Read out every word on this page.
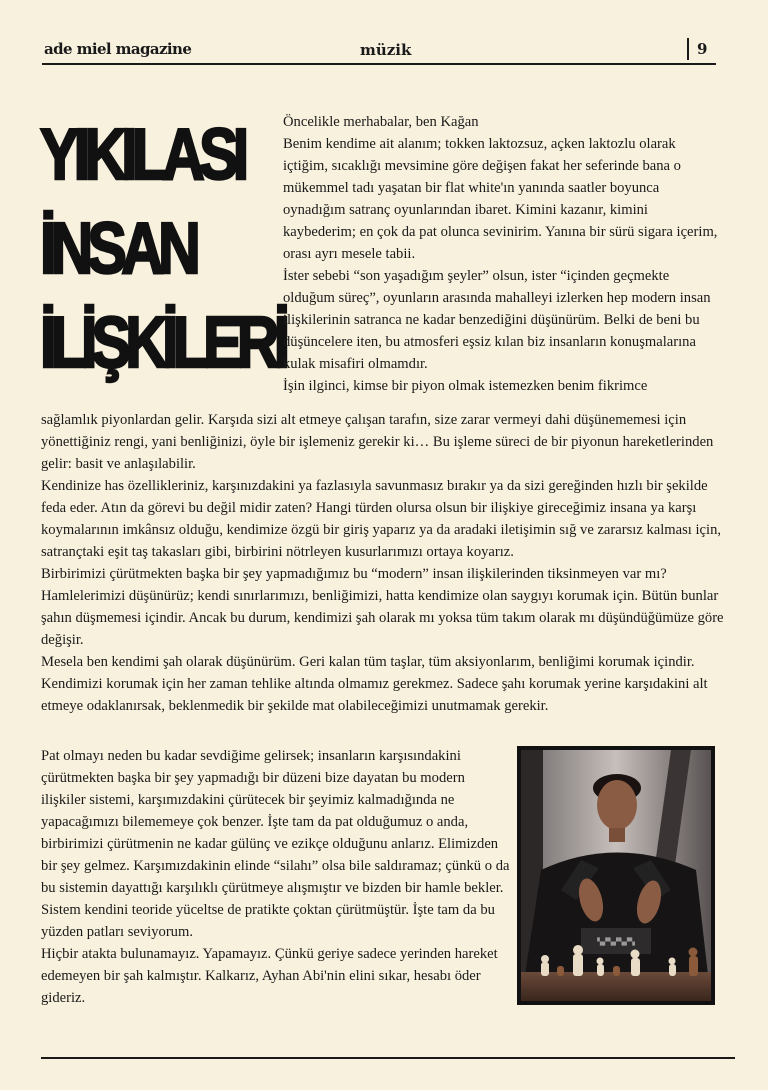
ade miel magazine	müzik	9
YIKILASI
İNSAN
İLİŞKİLERİ

Öncelikle merhabalar, ben Kağan

Benim kendime ait alanım; tokken laktozsuz, açken laktozlu olarak içtiğim, sıcaklığı mevsimine göre değişen fakat her seferinde bana o mükemmel tadı yaşatan bir flat white'ın yanında saatler boyunca oynadığım satranç oyunlarından ibaret. Kimini kazanır, kimini kaybederim; en çok da pat olunca sevinirim. Yanına bir sürü sigara içerim, orası ayrı mesele tabii.

İster sebebi “son yaşadığım şeyler” olsun, ister “içinden geçmekte olduğum süreç”, oyunların arasında mahalleyi izlerken hep modern insan ilişkilerinin satranca ne kadar benzediğini düşünürüm. Belki de beni bu düşüncelere iten, bu atmosferi eşsiz kılan biz insanların konuşmalarına kulak misafiri olmamdır.

İşin ilginci, kimse bir piyon olmak istemezken benim fikrimce

sağlamlık piyonlardan gelir. Karşıda sizi alt etmeye çalışan tarafın, size zarar vermeyi dahi düşünememesi için yönettiğiniz rengi, yani benliğinizi, öyle bir işlemeniz gerekir ki… Bu işleme süreci de bir piyonun hareketlerinden gelir: basit ve anlaşılabilir.

Kendinize has özellikleriniz, karşınızdakini ya fazlasıyla savunmasız bırakır ya da sizi gereğinden hızlı bir şekilde feda eder. Atın da görevi bu değil midir zaten? Hangi türden olursa olsun bir ilişkiye gireceğimiz insana ya karşı koymalarının imkânsız olduğu, kendimize özgü bir giriş yaparız ya da aradaki iletişimin sığ ve zararsız kalması için, satrançtaki eşit taş takasları gibi, birbirini nötrleyen kusurlarımızı ortaya koyarız.

Birbirimizi çürütmekten başka bir şey yapmadığımız bu “modern” insan ilişkilerinden tiksinmeyen var mı? Hamlelerimizi düşünürüz; kendi sınırlarımızı, benliğimizi, hatta kendimize olan saygıyı korumak için. Bütün bunlar şahın düşmemesi içindir. Ancak bu durum, kendimizi şah olarak mı yoksa tüm takım olarak mı düşündüğümüze göre değişir.

Mesela ben kendimi şah olarak düşünürüm. Geri kalan tüm taşlar, tüm aksiyonlarım, benliğimi korumak içindir. Kendimizi korumak için her zaman tehlike altında olmamız gerekmez. Sadece şahı korumak yerine karşıdakini alt etmeye odaklanırsak, beklenmedik bir şekilde mat olabileceğimizi unutmamak gerekir.

Pat olmayı neden bu kadar sevdiğime gelirsek; insanların karşısındakini çürütmekten başka bir şey yapmadığı bir düzeni bize dayatan bu modern ilişkiler sistemi, karşımızdakini çürütecek bir şeyimiz kalmadığında ne yapacağımızı bilememeye çok benzer. İşte tam da pat olduğumuz o anda, birbirimizi çürütmenin ne kadar gülünç ve ezikçe olduğunu anlarız. Elimizden bir şey gelmez. Karşımızdakinin elinde “silahı” olsa bile saldıramaz; çünkü o da bu sistemin dayattığı karşılıklı çürütmeye alışmıştır ve bizden bir hamle bekler.

Sistem kendini teoride yüceltse de pratikte çoktan çürütmüştür. İşte tam da bu yüzden patları seviyorum.

Hiçbir atakta bulunamayız. Yapamayız. Çünkü geriye sadece yerinden hareket edemeyen bir şah kalmıştır. Kalkarız, Ayhan Abi'nin elini sıkar, hesabı öder gideriz.

▚▞▚▞▚▞▚
